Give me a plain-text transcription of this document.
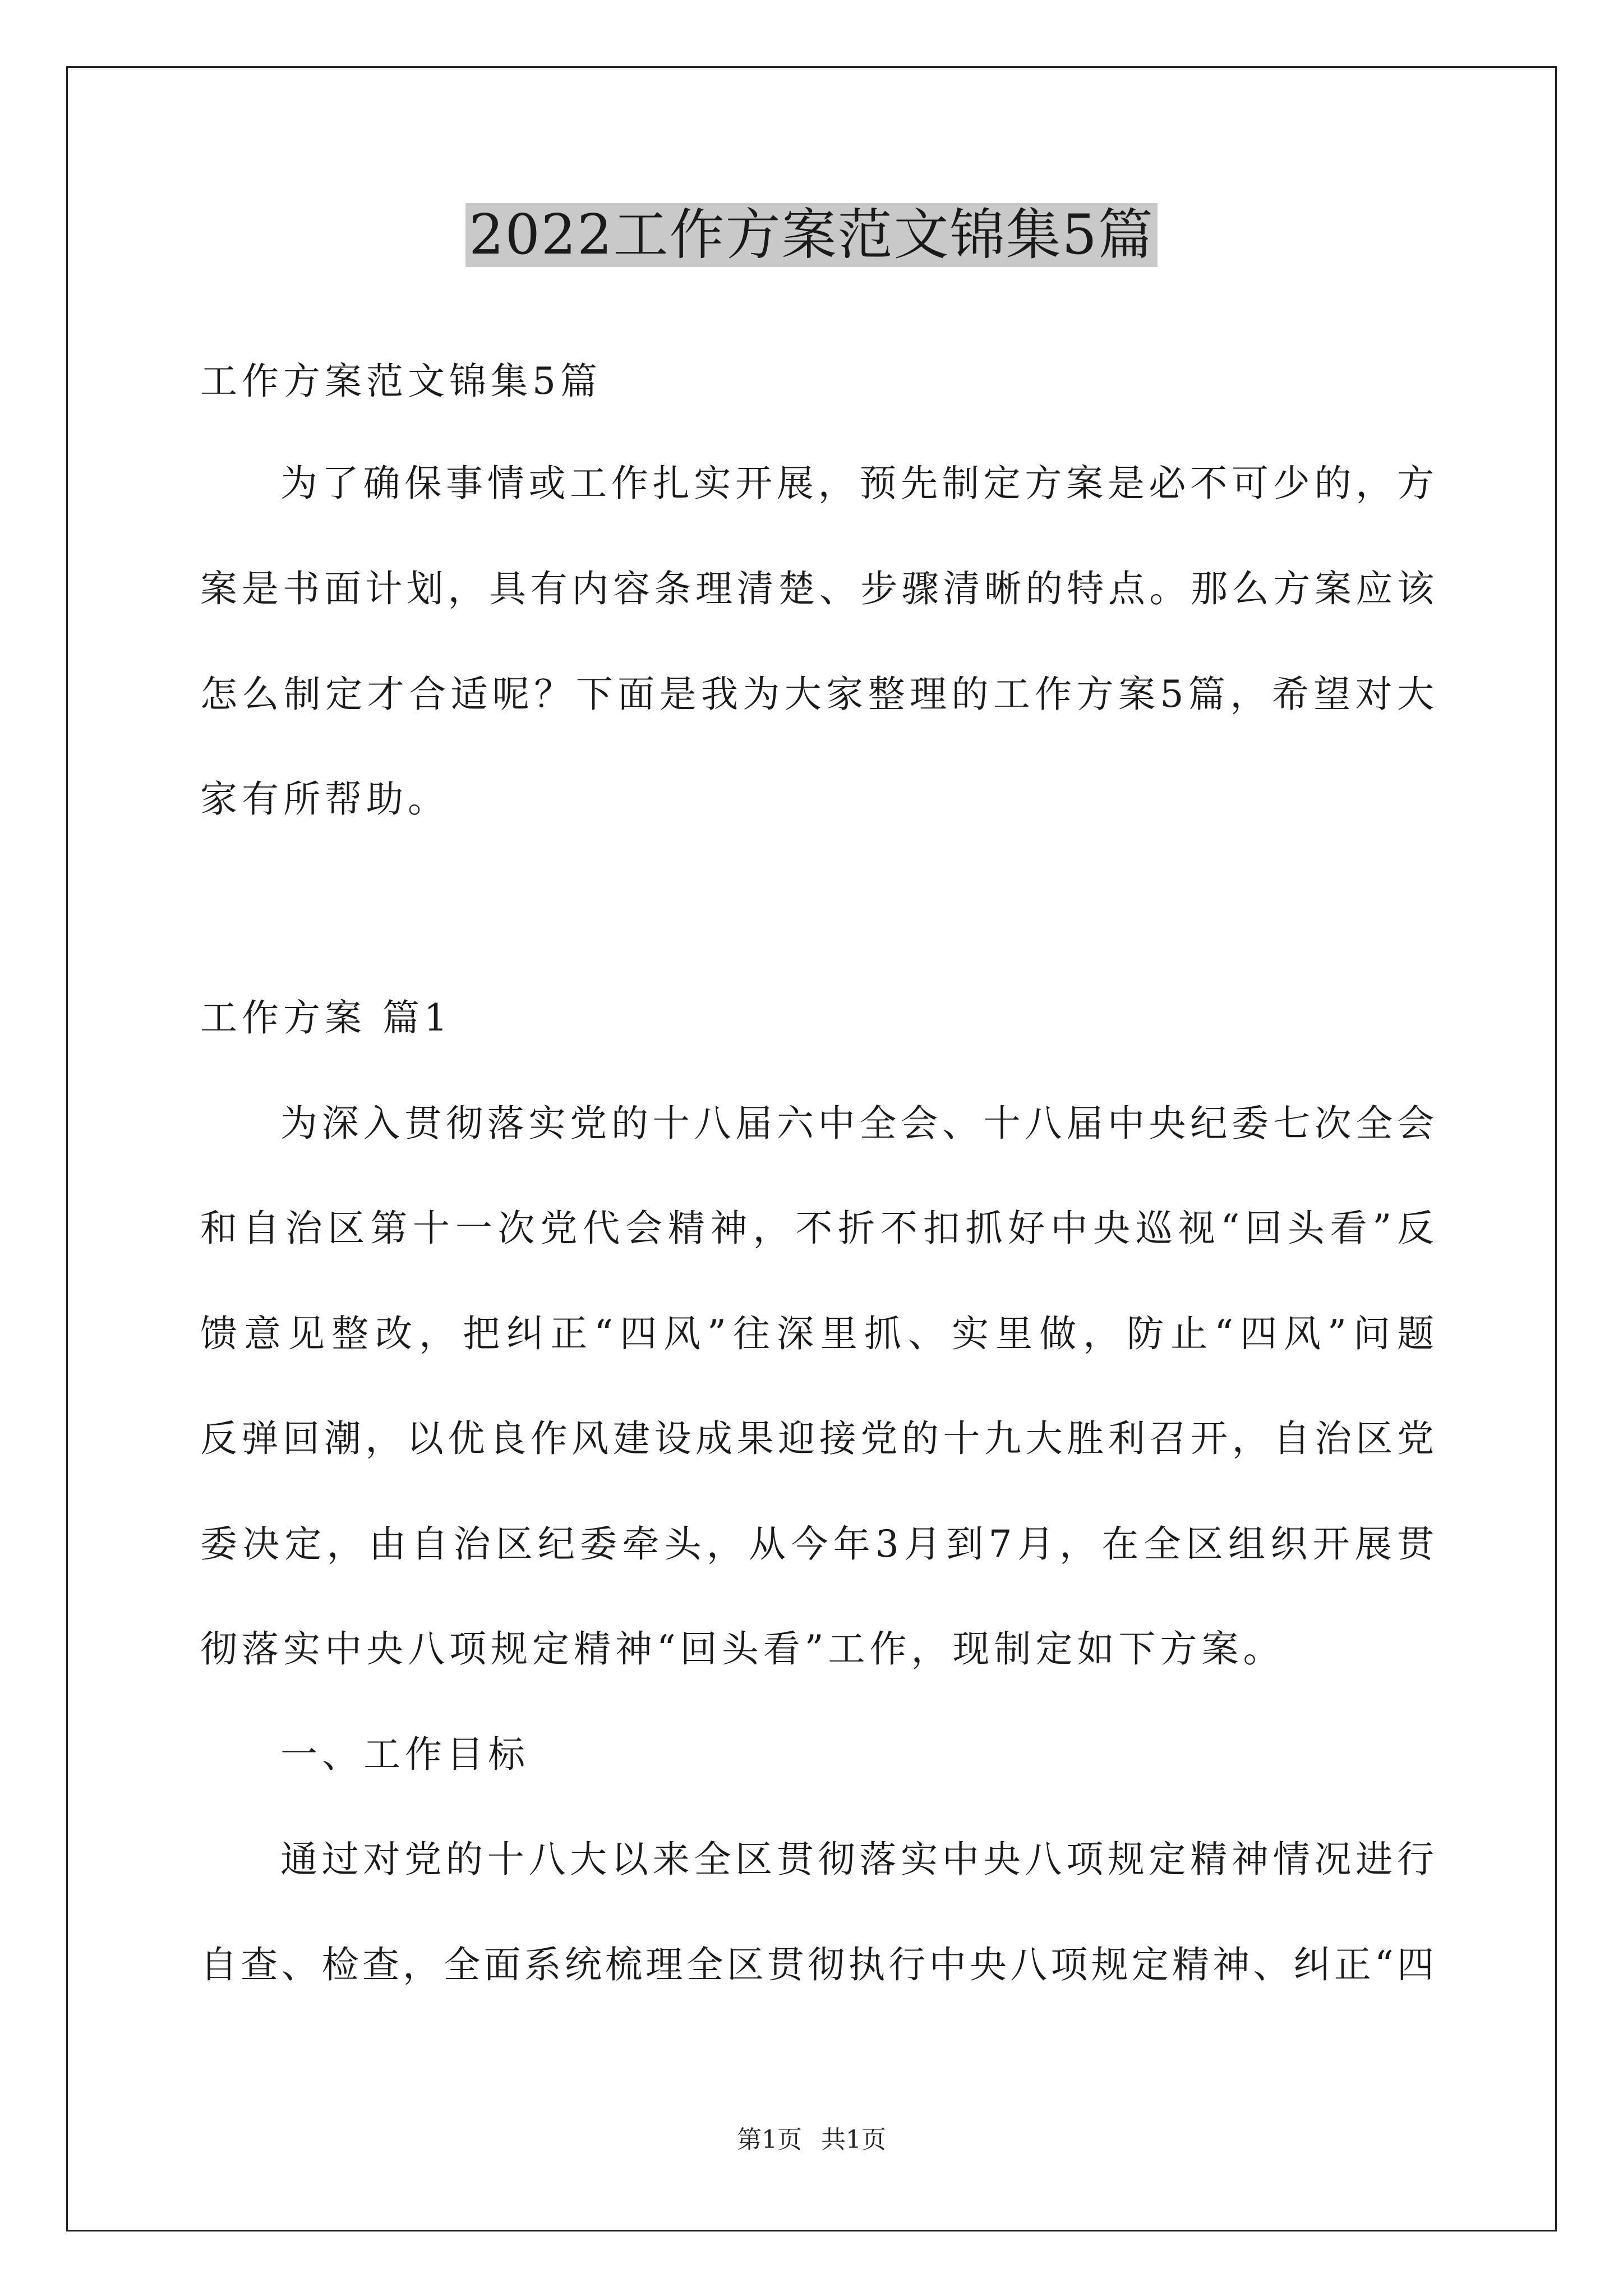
2022工作方案范文锦集5篇

工作方案范文锦集5篇

为了确保事情或工作扎实开展，预先制定方案是必不可少的，方

案是书面计划，具有内容条理清楚、步骤清晰的特点。那么方案应该

怎么制定才合适呢？下面是我为大家整理的工作方案5篇，希望对大

家有所帮助。

工作方案 篇1

为深入贯彻落实党的十八届六中全会、十八届中央纪委七次全会

和自治区第十一次党代会精神，不折不扣抓好中央巡视“回头看”反

馈意见整改，把纠正“四风”往深里抓、实里做，防止“四风”问题

反弹回潮，以优良作风建设成果迎接党的十九大胜利召开，自治区党

委决定，由自治区纪委牵头，从今年3月到7月，在全区组织开展贯

彻落实中央八项规定精神“回头看”工作，现制定如下方案。

一、工作目标

通过对党的十八大以来全区贯彻落实中央八项规定精神情况进行

自查、检查，全面系统梳理全区贯彻执行中央八项规定精神、纠正“四

第1页 共1页
